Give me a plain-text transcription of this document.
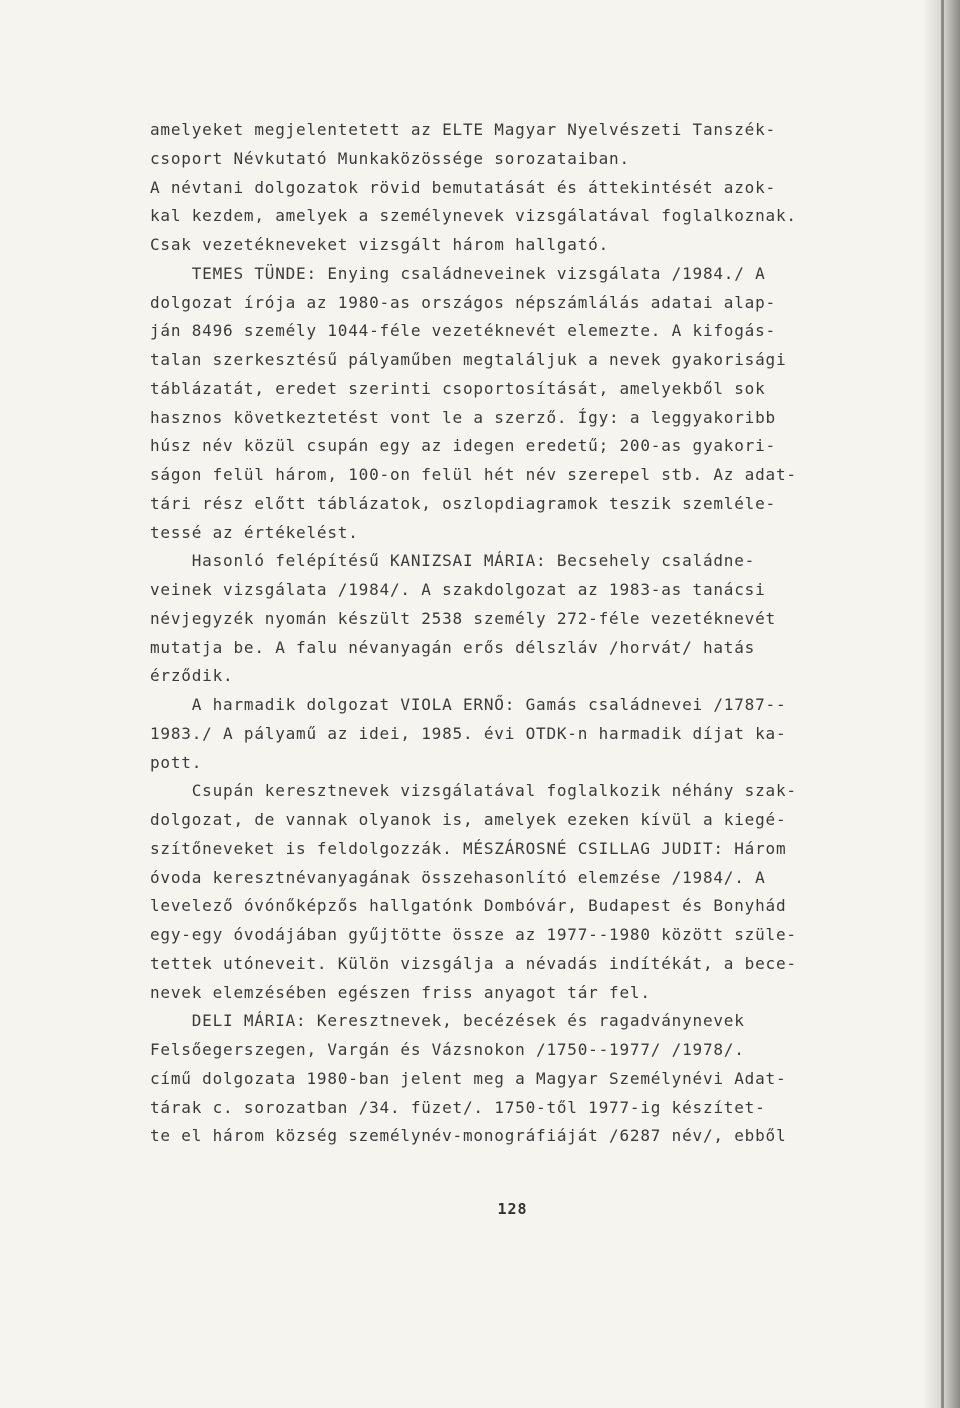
amelyeket megjelentetett az ELTE Magyar Nyelvészeti Tanszék-
csoport Névkutató Munkaközössége sorozataiban.
A névtani dolgozatok rövid bemutatását és áttekintését azok-
kal kezdem, amelyek a személynevek vizsgálatával foglalkoznak.
Csak vezetékneveket vizsgált három hallgató.
TEMES TÜNDE: Enying családneveinek vizsgálata /1984./ A
dolgozat írója az 1980-as országos népszámlálás adatai alap-
ján 8496 személy 1044-féle vezetéknevét elemezte. A kifogás-
talan szerkesztésű pályaműben megtaláljuk a nevek gyakorisági
táblázatát, eredet szerinti csoportosítását, amelyekből sok
hasznos következtetést vont le a szerző. Így: a leggyakoribb
húsz név közül csupán egy az idegen eredetű; 200-as gyakori-
ságon felül három, 100-on felül hét név szerepel stb. Az adat-
tári rész előtt táblázatok, oszlopdiagramok teszik szemléle-
tessé az értékelést.
Hasonló felépítésű KANIZSAI MÁRIA: Becsehely családne-
veinek vizsgálata /1984/. A szakdolgozat az 1983-as tanácsi
névjegyzék nyomán készült 2538 személy 272-féle vezetéknevét
mutatja be. A falu névanyagán erős délszláv /horvát/ hatás
érződik.
A harmadik dolgozat VIOLA ERNŐ: Gamás családnevei /1787--
1983./ A pályamű az idei, 1985. évi OTDK-n harmadik díjat ka-
pott.
Csupán keresztnevek vizsgálatával foglalkozik néhány szak-
dolgozat, de vannak olyanok is, amelyek ezeken kívül a kiegé-
szítőneveket is feldolgozzák. MÉSZÁROSNÉ CSILLAG JUDIT: Három
óvoda keresztnévanyagának összehasonlító elemzése /1984/. A
levelező óvónőképzős hallgatónk Dombóvár, Budapest és Bonyhád
egy-egy óvodájában gyűjtötte össze az 1977--1980 között szüle-
tettek utóneveit. Külön vizsgálja a névadás indítékát, a bece-
nevek elemzésében egészen friss anyagot tár fel.
DELI MÁRIA: Keresztnevek, becézések és ragadványnevek
Felsőegerszegen, Vargán és Vázsnokon /1750--1977/ /1978/.
című dolgozata 1980-ban jelent meg a Magyar Személynévi Adat-
tárak c. sorozatban /34. füzet/. 1750-től 1977-ig készítet-
te el három község személynév-monográfiáját /6287 név/, ebből
128
